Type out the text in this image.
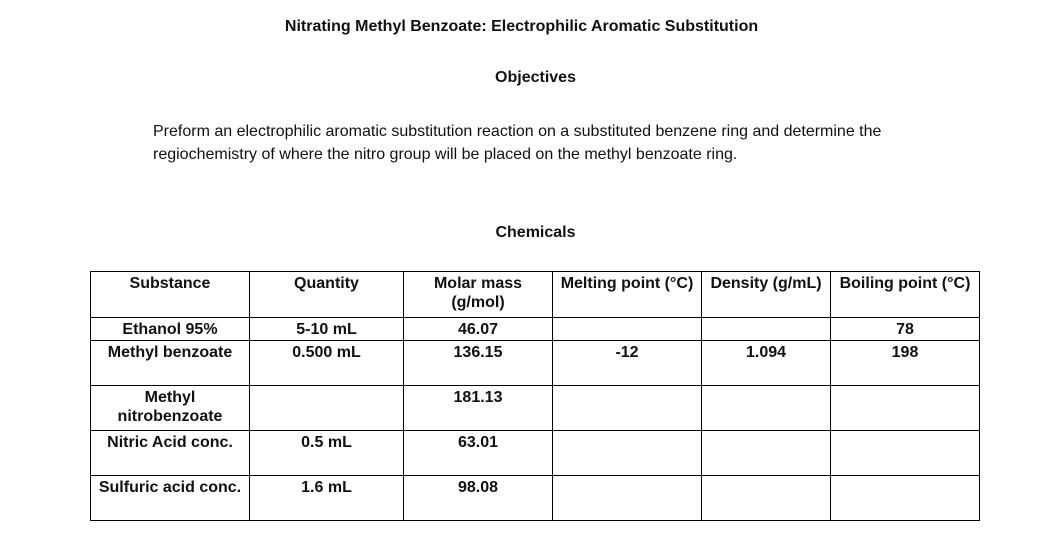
Nitrating Methyl Benzoate: Electrophilic Aromatic Substitution
Objectives
Preform an electrophilic aromatic substitution reaction on a substituted benzene ring and determine the regiochemistry of where the nitro group will be placed on the methyl benzoate ring.
Chemicals
Substance	Quantity	Molar mass (g/mol)	Melting point (°C)	Density (g/mL)	Boiling point (°C)
Ethanol 95%	5-10 mL	46.07			78
Methyl benzoate	0.500 mL	136.15	-12	1.094	198
Methyl nitrobenzoate		181.13			
Nitric Acid conc.	0.5 mL	63.01			
Sulfuric acid conc.	1.6 mL	98.08			
